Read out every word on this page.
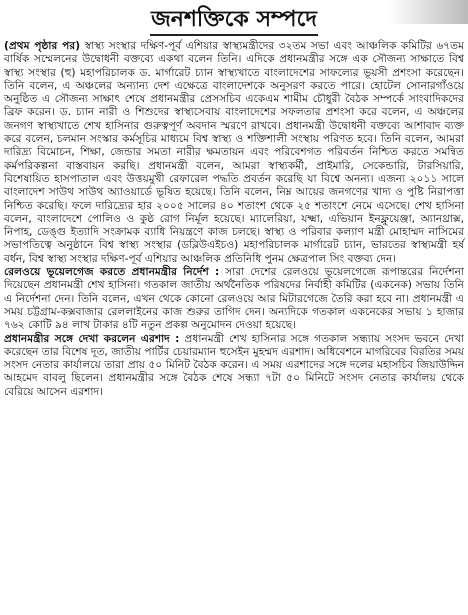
জনশক্তিকে সম্পদে

(প্রথম পৃষ্ঠার পর) স্বাস্থ্য সংস্থার দক্ষিণ-পূর্ব এশিয়ার স্বাস্থ্যমন্ত্রীদের ৩২তম সভা এবং আঞ্চলিক কমিটির ৬৭তম বার্ষিক সম্মেলনের উদ্বোধনী বক্তব্যে একথা বলেন তিনি। এদিকে প্রধানমন্ত্রীর সঙ্গে এক সৌজন্য সাক্ষাতে বিশ্ব স্বাস্থ্য সংস্থার (হু) মহাপরিচালক ড. মার্গারেট চ্যান স্বাস্থ্যখাতে বাংলাদেশের সাফল্যের ভূয়সী প্রশংসা করেছেন। তিনি বলেন, এ অঞ্চলের অন্যান্য দেশ এক্ষেত্রে বাংলাদেশকে অনুসরণ করতে পারে। হোটেল সোনারগাঁওয়ে অনুষ্ঠিত এ সৌজন্য সাক্ষাৎ শেষে প্রধানমন্ত্রীর প্রেসসচিব একেএম শামীম চৌধুরী বৈঠক সম্পর্কে সাংবাদিকদের ব্রিফ করেন। ড. চ্যান নারী ও শিশুদের স্বাস্থ্যসেবায় বাংলাদেশের সফলতার প্রশংসা করে বলেন, এ অঞ্চলের জনগণ স্বাস্থ্যখাতে শেখ হাসিনার গুরুত্বপূর্ণ অবদান স্মরণে রাখবে। প্রধানমন্ত্রী উদ্বোধনী বক্তব্যে আশাবাদ ব্যক্ত করে বলেন, চলমান সংস্কার কর্মসূচির মাধ্যমে বিশ্ব স্বাস্থ্য ও শক্তিশালী সংস্থায় পরিণত হবে। তিনি বলেন, আমরা দারিদ্র্য বিমোচন, শিক্ষা, জেন্ডার সমতা নারীর ক্ষমতায়ন এবং পরিবেশগত পরিবর্তন নিশ্চিত করতে সমন্বিত কর্মপরিকল্পনা বাস্তবায়ন করছি। প্রধানমন্ত্রী বলেন, আমরা স্বাস্থ্যকর্মী, প্রাইমারি, সেকেন্ডারি, টারসিয়ারি, বিশেষায়িত হাসপাতাল এবং উত্তয়মুখী রেফারেল পদ্ধতি প্রবর্তন করেছি যা বিশ্বে অনন্য। এজন্য ২০১১ সালে বাংলাদেশ সাউথ সাউথ অ্যাওয়ার্ডে ভূষিত হয়েছে। তিনি বলেন, নিম্ন আয়ের জনগণের খাদ্য ও পুষ্টি নিরাপত্তা নিশ্চিত করেছি। ফলে দারিদ্র্যের হার ২০০৫ সালের ৪০ শতাংশ থেকে ২৫ শতাংশে নেমে এসেছে। শেখ হাসিনা বলেন, বাংলাদেশে পোলিও ও কুষ্ঠ রোগ নির্মূল হয়েছে। ম্যালেরিয়া, যক্ষ্মা, এভিয়ান ইনফ্লুয়েঞ্জা, অ্যানথ্রাক্স, নিপাহ, ডেঙ্গু ইত্যাদি সংক্রামক ব্যাধি নিয়ন্ত্রণে কাজ চলছে। স্বাস্থ্য ও পরিবার কল্যাণ মন্ত্রী মোহাম্মদ নাসিমের সভাপতিত্বে অনুষ্ঠানে বিশ্ব স্বাস্থ্য সংস্থার (ডব্লিউএইচও) মহাপরিচালক মার্গারেট চ্যান, ভারতের স্বাস্থ্যমন্ত্রী হর্ষ বর্ধন, বিশ্ব স্বাস্থ্য সংস্থার দক্ষিণ-পূর্ব এশিয়ার আঞ্চলিক প্রতিনিধি পুনম ক্ষেত্রপাল সিং বক্তব্য দেন।

রেলওয়ে ভূয়েলগেজ করতে প্রধানমন্ত্রীর নির্দেশ : সারা দেশের রেলওয়ে ভূয়েলগেজে রূপান্তরের নির্দেশনা দিয়েছেন প্রধানমন্ত্রী শেখ হাসিনা। গতকাল জাতীয় অর্থনৈতিক পরিষদের নির্বাহী কমিটির (একনেক) সভায় তিনি এ নির্দেশনা দেন। তিনি বলেন, এখন থেকে কোনো রেলওয়ে আর মিটারগেজে তৈরি করা হবে না। প্রধানমন্ত্রী এ সময় চট্টগ্রাম-কক্সবাজার রেললাইনের কাজ শুরুর তাগিদ দেন। অন্যদিকে গতকাল একনেকের সভায় ১ হাজার ৭৬২ কোটি ৯৪ লাখ টাকার ৪টি নতুন প্রকল্প অনুমোদন দেওয়া হয়েছে।

প্রধানমন্ত্রীর সঙ্গে দেখা করলেন এরশাদ : প্রধানমন্ত্রী শেখ হাসিনার সঙ্গে গতকাল সন্ধ্যায় সংসদ ভবনে দেখা করেছেন তার বিশেষ দূত, জাতীয় পার্টির চেয়ারম্যান হুসেইন মুহম্মদ এরশাদ। অধিবেশনে মাগরিবের বিরতির সময় সংসদ নেতার কার্যালয়ে তারা প্রায় ৫০ মিনিট বৈঠক করেন। এ সময় এরশাদের সঙ্গে দলের মহাসচিব জিয়াউদ্দিন আহমেদ বাবলু ছিলেন। প্রধানমন্ত্রীর সঙ্গে বৈঠক শেষে সন্ধ্যা ৭টা ৫০ মিনিটে সংসদ নেতার কার্যালয় থেকে বেরিয়ে আসেন এরশাদ।
